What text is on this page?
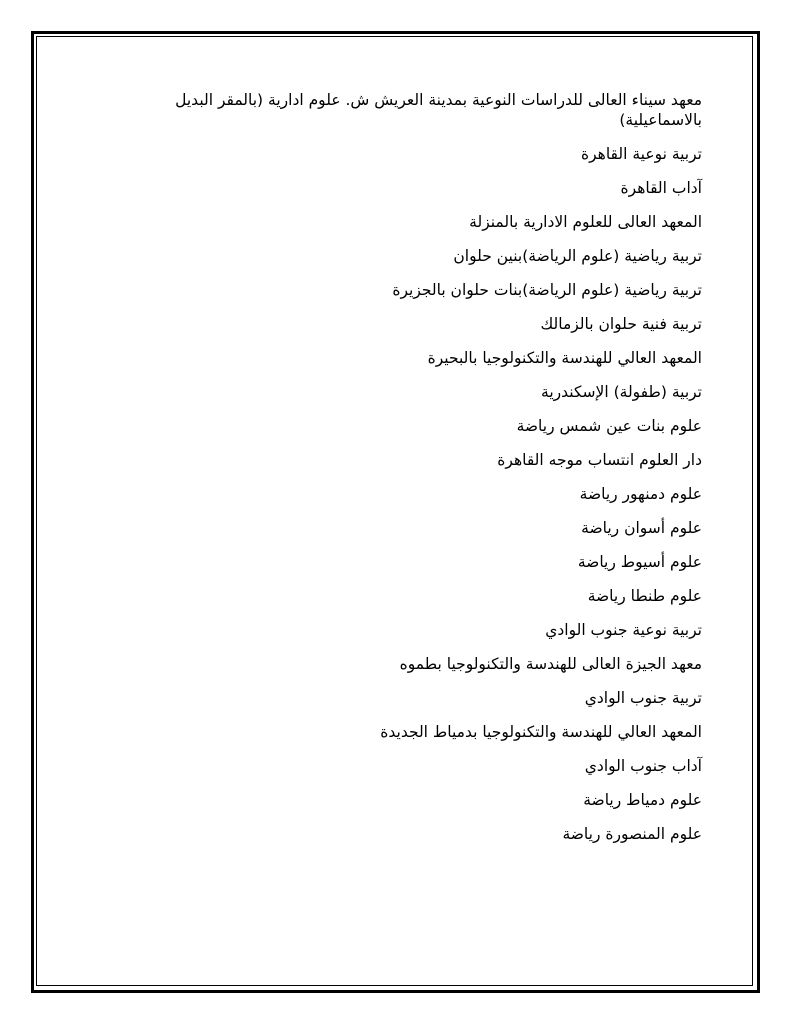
معهد سيناء العالى للدراسات النوعية بمدينة العريش ش. علوم ادارية (بالمقر البديل بالاسماعيلية)

تربية نوعية القاهرة

آداب القاهرة

المعهد العالى للعلوم الادارية بالمنزلة

تربية رياضية (علوم الرياضة)بنين حلوان

تربية رياضية (علوم الرياضة)بنات حلوان بالجزيرة

تربية فنية حلوان بالزمالك

المعهد العالي للهندسة والتكنولوجيا بالبحيرة

تربية (طفولة) الإسكندرية

علوم بنات عين شمس رياضة

دار العلوم انتساب موجه القاهرة

علوم دمنهور رياضة

علوم أسوان رياضة

علوم أسيوط رياضة

علوم طنطا رياضة

تربية نوعية جنوب الوادي

معهد الجيزة العالى للهندسة والتكنولوجيا بطموه

تربية جنوب الوادي

المعهد العالي للهندسة والتكنولوجيا بدمياط الجديدة

آداب جنوب الوادي

علوم دمياط رياضة

علوم المنصورة رياضة
